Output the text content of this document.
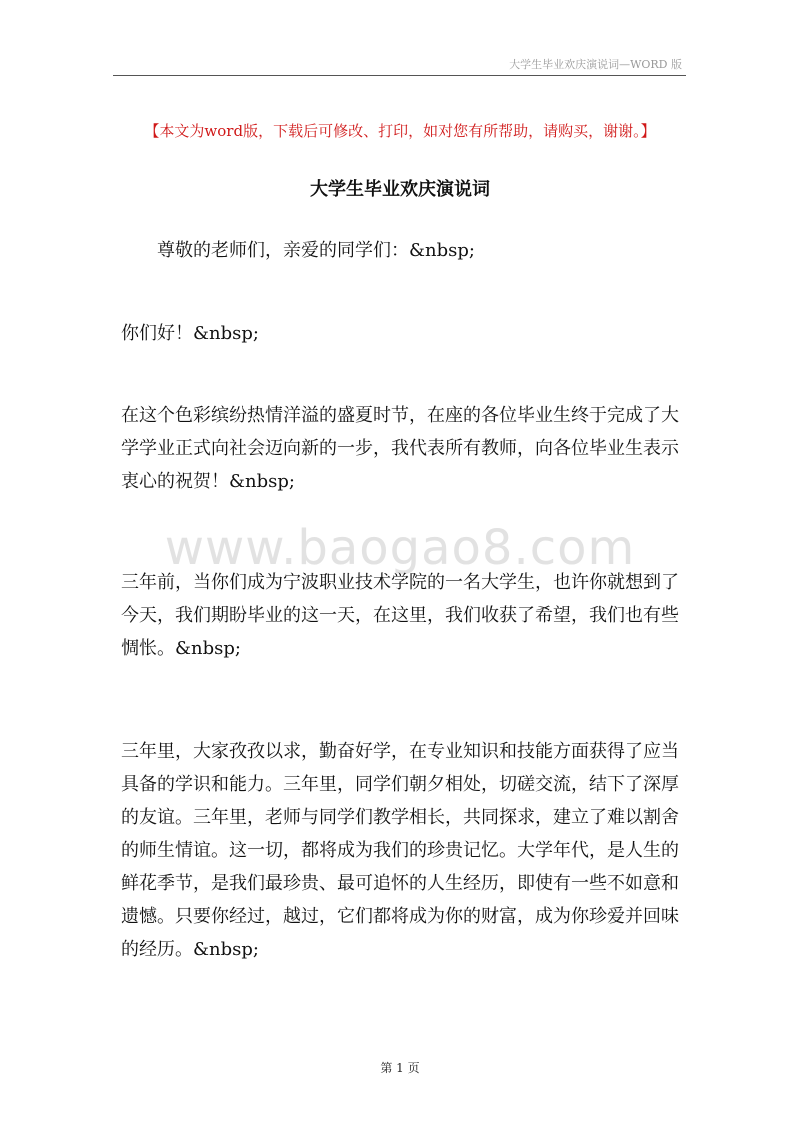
大学生毕业欢庆演说词—WORD 版
【本文为word版，下载后可修改、打印，如对您有所帮助，请购买，谢谢。】
大学生毕业欢庆演说词

尊敬的老师们，亲爱的同学们：&nbsp;

你们好！&nbsp;

在这个色彩缤纷热情洋溢的盛夏时节，在座的各位毕业生终于完成了大学学业正式向社会迈向新的一步，我代表所有教师，向各位毕业生表示衷心的祝贺！&nbsp;

www.baogao8.com

三年前，当你们成为宁波职业技术学院的一名大学生，也许你就想到了今天，我们期盼毕业的这一天，在这里，我们收获了希望，我们也有些惆怅。&nbsp;

三年里，大家孜孜以求，勤奋好学，在专业知识和技能方面获得了应当具备的学识和能力。三年里，同学们朝夕相处，切磋交流，结下了深厚的友谊。三年里，老师与同学们教学相长，共同探求，建立了难以割舍的师生情谊。这一切，都将成为我们的珍贵记忆。大学年代，是人生的鲜花季节，是我们最珍贵、最可追怀的人生经历，即使有一些不如意和遗憾。只要你经过，越过，它们都将成为你的财富，成为你珍爱并回味的经历。&nbsp;

第 1 页
